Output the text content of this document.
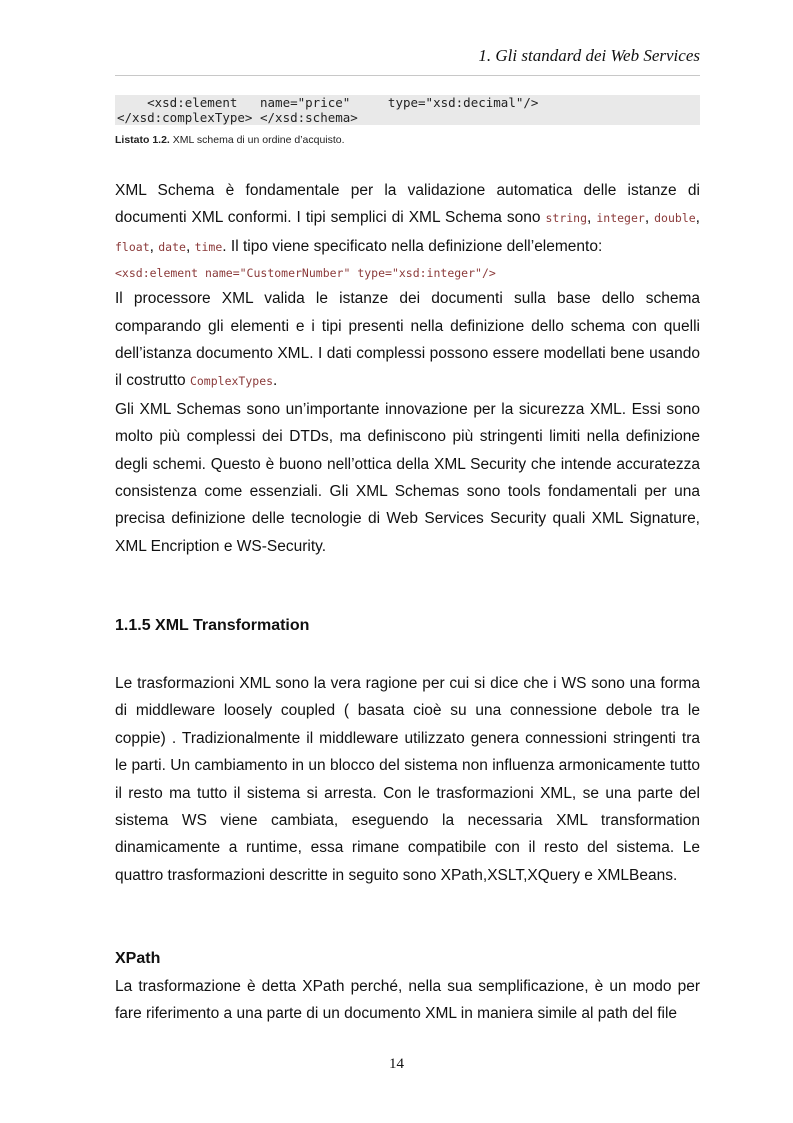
1. Gli standard dei Web Services
<xsd:element   name="price"     type="xsd:decimal"/>
</xsd:complexType> </xsd:schema>
Listato 1.2. XML schema di un ordine d’acquisto.

XML Schema è fondamentale per la validazione automatica delle istanze di documenti XML conformi. I tipi semplici di XML Schema sono string, integer, double, float, date, time. Il tipo viene specificato nella definizione dell’elemento:

<xsd:element name="CustomerNumber" type="xsd:integer"/>

Il processore XML valida le istanze dei documenti sulla base dello schema comparando gli elementi e i tipi presenti nella definizione dello schema con quelli dell’istanza documento XML. I dati complessi possono essere modellati bene usando il costrutto ComplexTypes.

Gli XML Schemas sono un’importante innovazione per la sicurezza XML. Essi sono molto più complessi dei DTDs, ma definiscono più stringenti limiti nella definizione degli schemi. Questo è buono nell’ottica della XML Security che intende accuratezza consistenza come essenziali. Gli XML Schemas sono tools fondamentali per una precisa definizione delle tecnologie di Web Services Security quali XML Signature, XML Encription e WS-Security.

1.1.5 XML Transformation

Le trasformazioni XML sono la vera ragione per cui si dice che i WS sono una forma di middleware loosely coupled ( basata cioè su una connessione debole tra le coppie) . Tradizionalmente il middleware utilizzato genera connessioni stringenti tra le parti. Un cambiamento in un blocco del sistema non influenza armonicamente tutto il resto ma tutto il sistema si arresta. Con le trasformazioni XML, se una parte del sistema WS viene cambiata, eseguendo la necessaria XML transformation dinamicamente a runtime, essa rimane compatibile con il resto del sistema. Le quattro trasformazioni descritte in seguito sono XPath,XSLT,XQuery e XMLBeans.

XPath

La trasformazione è detta XPath perché, nella sua semplificazione, è un modo per fare riferimento a una parte di un documento XML in maniera simile al path del file

14
